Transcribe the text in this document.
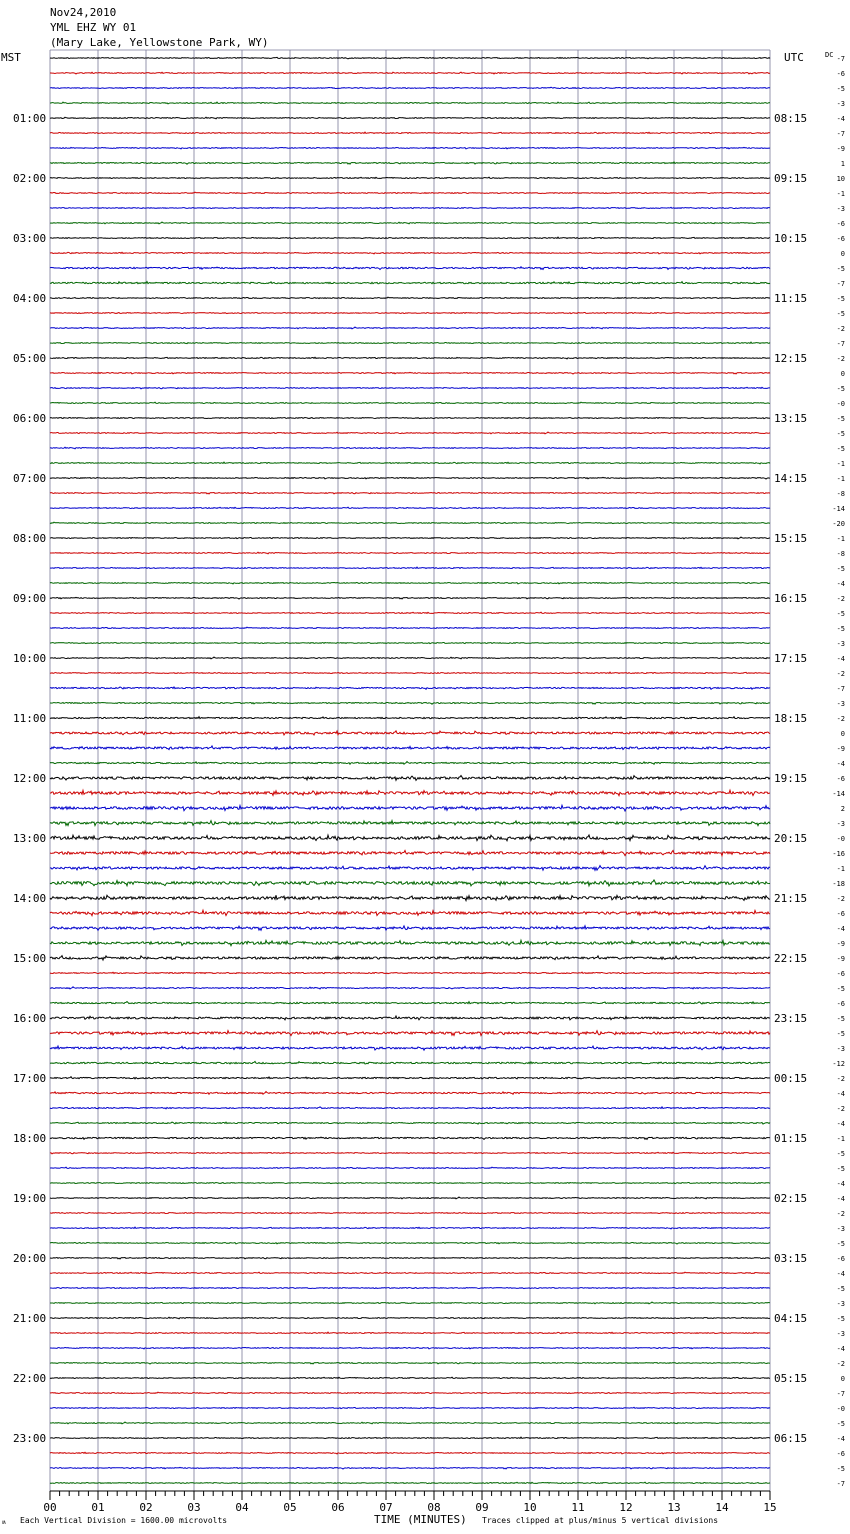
Nov24,2010
YML EHZ WY 01
(Mary Lake, Yellowstone Park, WY)
MST	UTC	DC
01:00
02:00
03:00
04:00
05:00
06:00
07:00
08:00
09:00
10:00
11:00
12:00
13:00
14:00
15:00
16:00
17:00
18:00
19:00
20:00
21:00
22:00
23:00
08:15
09:15
10:15
11:15
12:15
13:15
14:15
15:15
16:15
17:15
18:15
19:15
20:15
21:15
22:15
23:15
00:15
01:15
02:15
03:15
04:15
05:15
06:15
-7
-6
-5
-3
-4
-7
-9
1
10
-1
-3
-6
-6
0
-5
-7
-5
-5
-2
-7
-2
0
-5
-0
-5
-5
-5
-1
-1
-8
-14
-20
-1
-8
-5
-4
-2
-5
-5
-3
-4
-2
-7
-3
-2
0
-9
-4
-6
-14
2
-3
-0
-16
-1
-18
-2
-6
-4
-9
-9
-6
-5
-6
-5
-5
-3
-12
-2
-4
-2
-4
-1
-5
-5
-4
-4
-2
-3
-5
-6
-4
-5
-3
-5
-3
-4
-2
0
-7
-0
-5
-4
-6
-5
-7
00	01	02	03	04	05	06	07	08	09	10	11	12	13	14	15
ʍ Each Vertical Division = 1600.00 microvolts	TIME (MINUTES) Traces clipped at plus/minus 5 vertical divisions
